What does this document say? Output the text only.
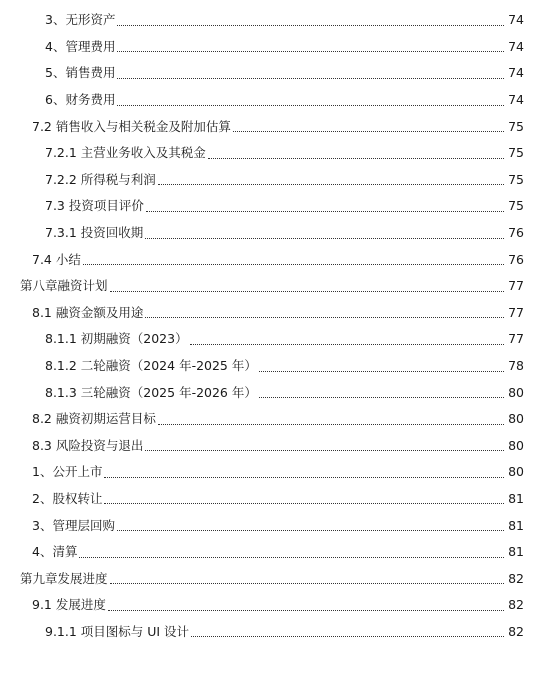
3、无形资产	74
4、管理费用	74
5、销售费用	74
6、财务费用	74
7.2 销售收入与相关税金及附加估算	75
7.2.1 主营业务收入及其税金	75
7.2.2 所得税与利润	75
7.3 投资项目评价	75
7.3.1 投资回收期	76
7.4 小结	76
第八章融资计划	77
8.1 融资金额及用途	77
8.1.1 初期融资（2023）	77
8.1.2 二轮融资（2024 年-2025 年）	78
8.1.3 三轮融资（2025 年-2026 年）	80
8.2 融资初期运营目标	80
8.3 风险投资与退出	80
1、公开上市	80
2、股权转让	81
3、管理层回购	81
4、清算	81
第九章发展进度	82
9.1 发展进度	82
9.1.1 项目图标与 UI 设计	82
